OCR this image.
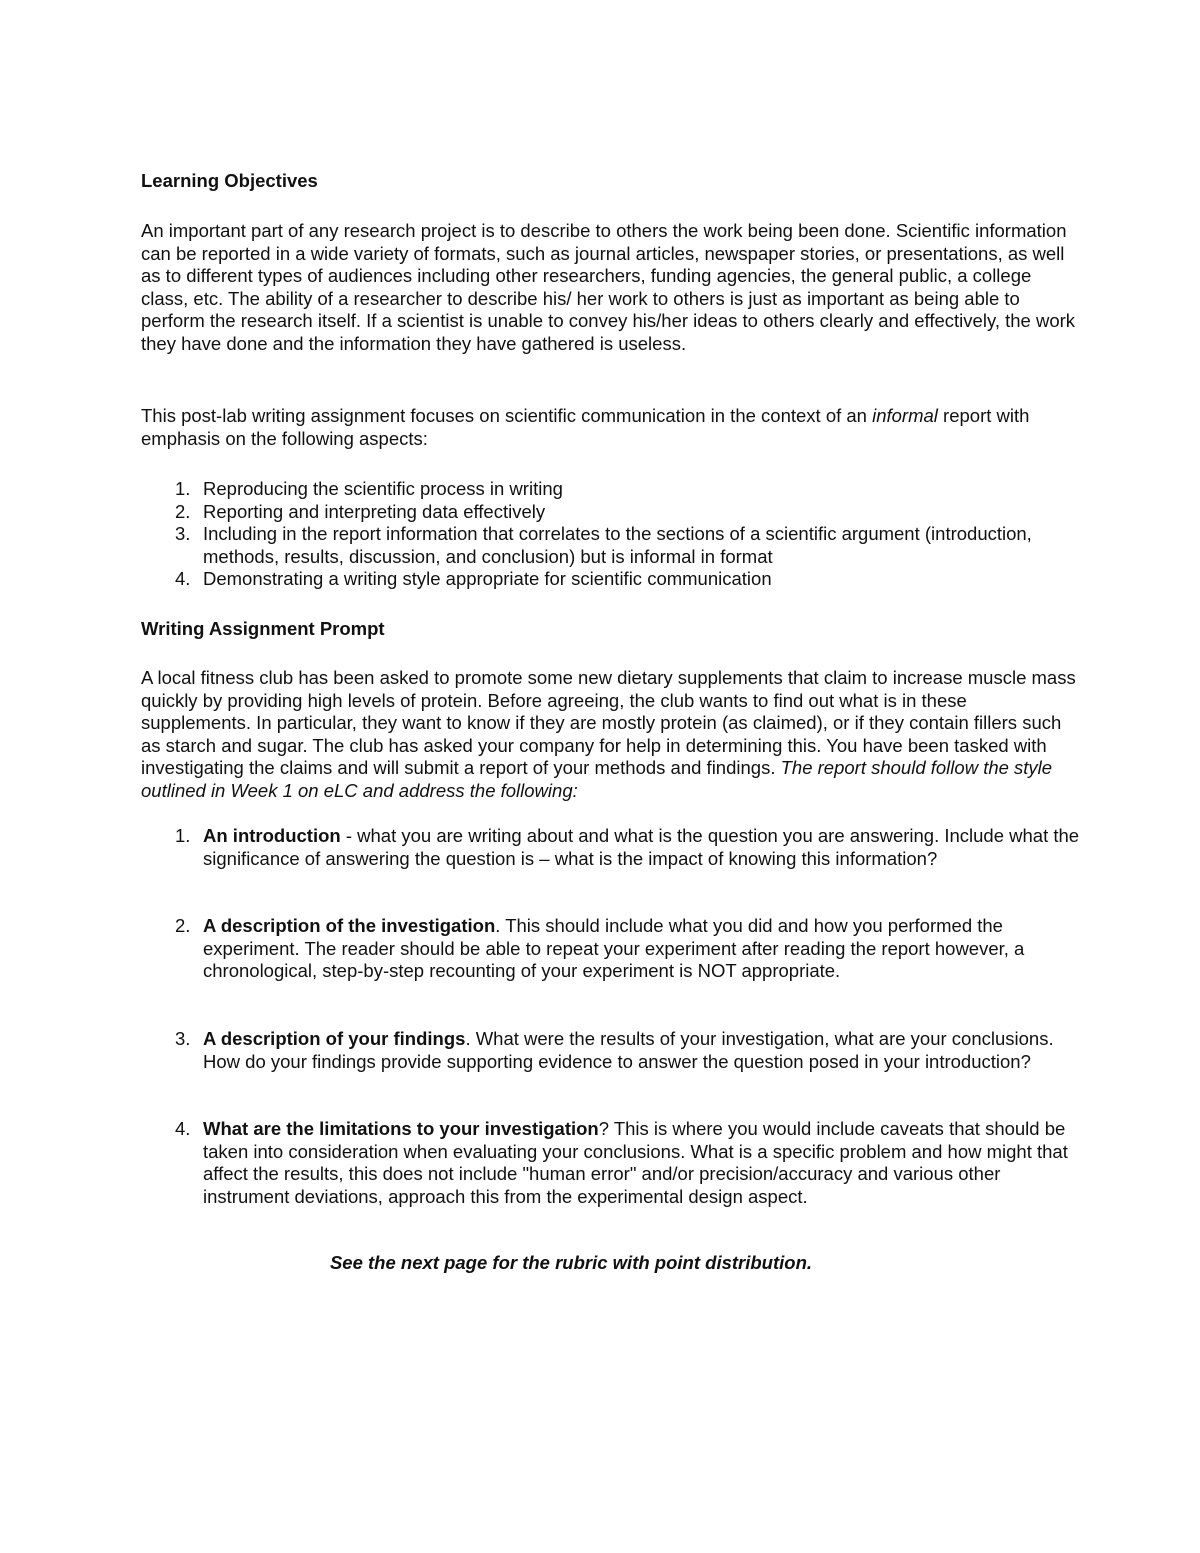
Learning Objectives

An important part of any research project is to describe to others the work being been done. Scientific information can be reported in a wide variety of formats, such as journal articles, newspaper stories, or presentations, as well as to different types of audiences including other researchers, funding agencies, the general public, a college class, etc. The ability of a researcher to describe his/ her work to others is just as important as being able to perform the research itself. If a scientist is unable to convey his/her ideas to others clearly and effectively, the work they have done and the information they have gathered is useless.

This post-lab writing assignment focuses on scientific communication in the context of an informal report with emphasis on the following aspects:

1. Reproducing the scientific process in writing
2. Reporting and interpreting data effectively
3. Including in the report information that correlates to the sections of a scientific argument (introduction, methods, results, discussion, and conclusion) but is informal in format
4. Demonstrating a writing style appropriate for scientific communication

Writing Assignment Prompt

A local fitness club has been asked to promote some new dietary supplements that claim to increase muscle mass quickly by providing high levels of protein. Before agreeing, the club wants to find out what is in these supplements. In particular, they want to know if they are mostly protein (as claimed), or if they contain fillers such as starch and sugar. The club has asked your company for help in determining this. You have been tasked with investigating the claims and will submit a report of your methods and findings. The report should follow the style outlined in Week 1 on eLC and address the following:

1. An introduction - what you are writing about and what is the question you are answering. Include what the significance of answering the question is – what is the impact of knowing this information?
2. A description of the investigation. This should include what you did and how you performed the experiment. The reader should be able to repeat your experiment after reading the report however, a chronological, step-by-step recounting of your experiment is NOT appropriate.
3. A description of your findings. What were the results of your investigation, what are your conclusions. How do your findings provide supporting evidence to answer the question posed in your introduction?
4. What are the limitations to your investigation? This is where you would include caveats that should be taken into consideration when evaluating your conclusions. What is a specific problem and how might that affect the results, this does not include "human error" and/or precision/accuracy and various other instrument deviations, approach this from the experimental design aspect.

See the next page for the rubric with point distribution.
